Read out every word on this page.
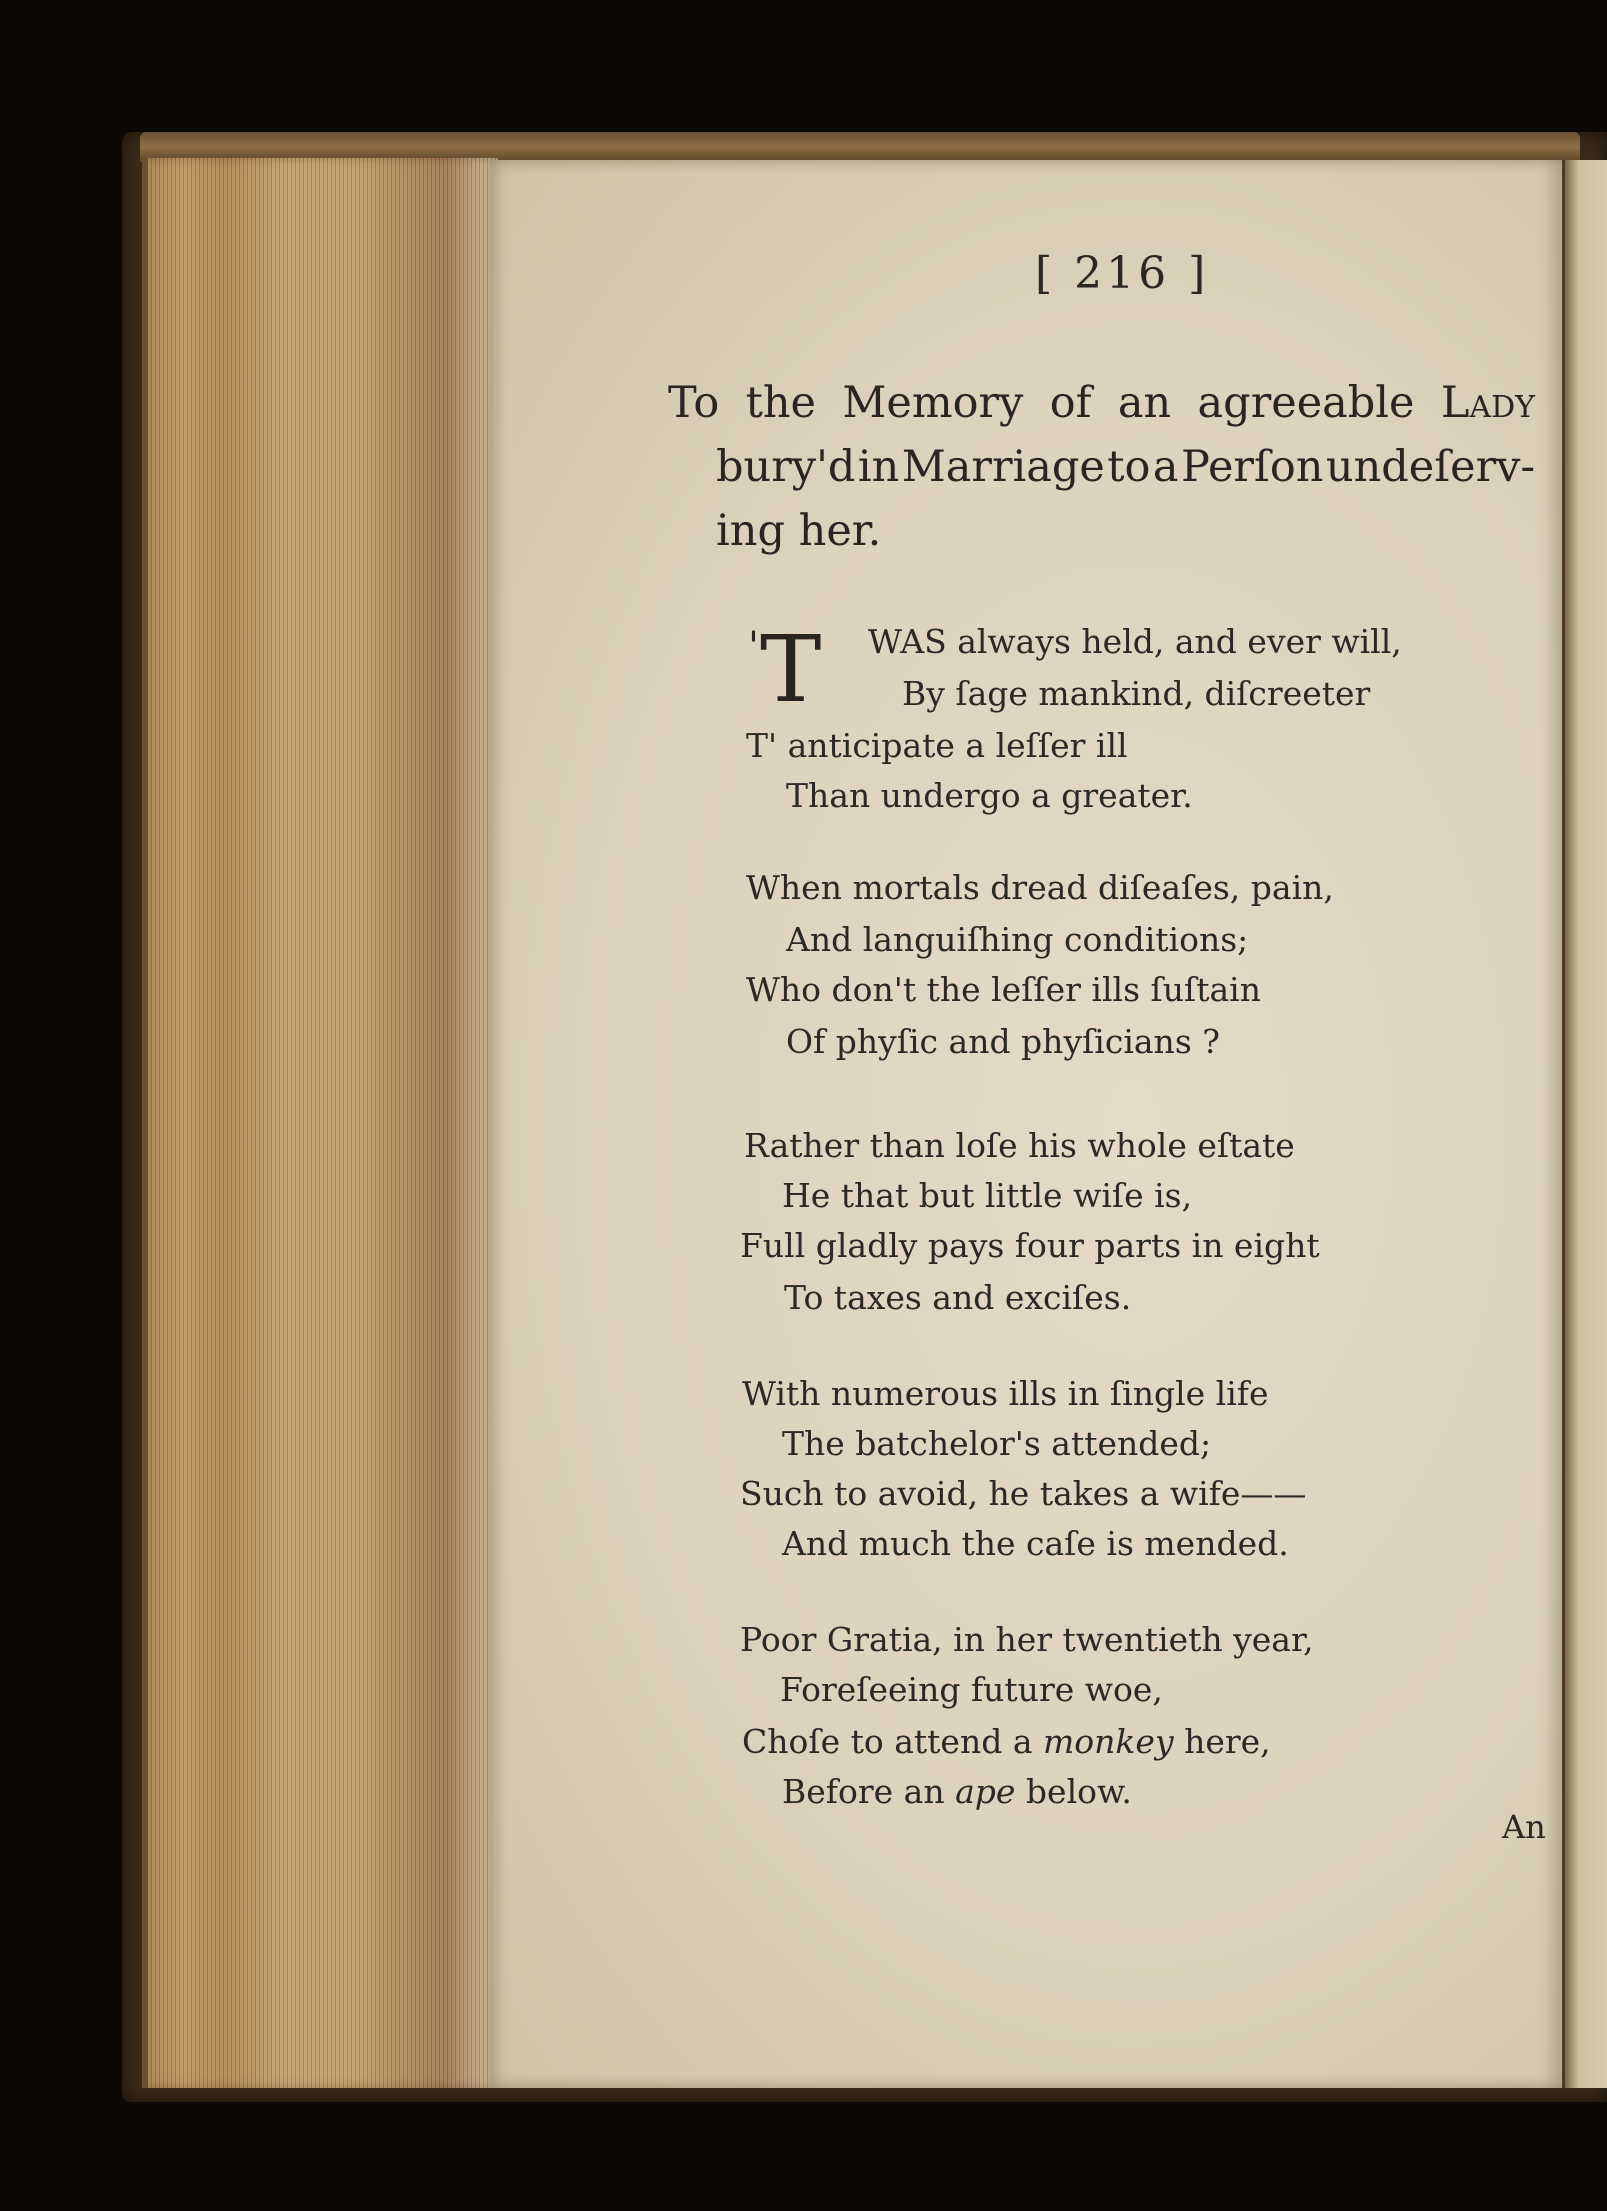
[ 216 ]
To the Memory of an agreeable Lady
bury'd in Marriage to a Perſon undeſerv-
ing her.
' T WAS always held, and ever will,
By ſage mankind, diſcreeter
T' anticipate a leſſer ill
Than undergo a greater.
When mortals dread diſeaſes, pain,
And languiſhing conditions;
Who don't the leſſer ills ſuſtain
Of phyſic and phyſicians ?
Rather than loſe his whole eſtate
He that but little wiſe is,
Full gladly pays four parts in eight
To taxes and exciſes.
With numerous ills in ſingle life
The batchelor's attended;
Such to avoid, he takes a wife——
And much the caſe is mended.
Poor Gratia, in her twentieth year,
Foreſeeing future woe,
Choſe to attend a monkey here,
Before an ape below.
An
